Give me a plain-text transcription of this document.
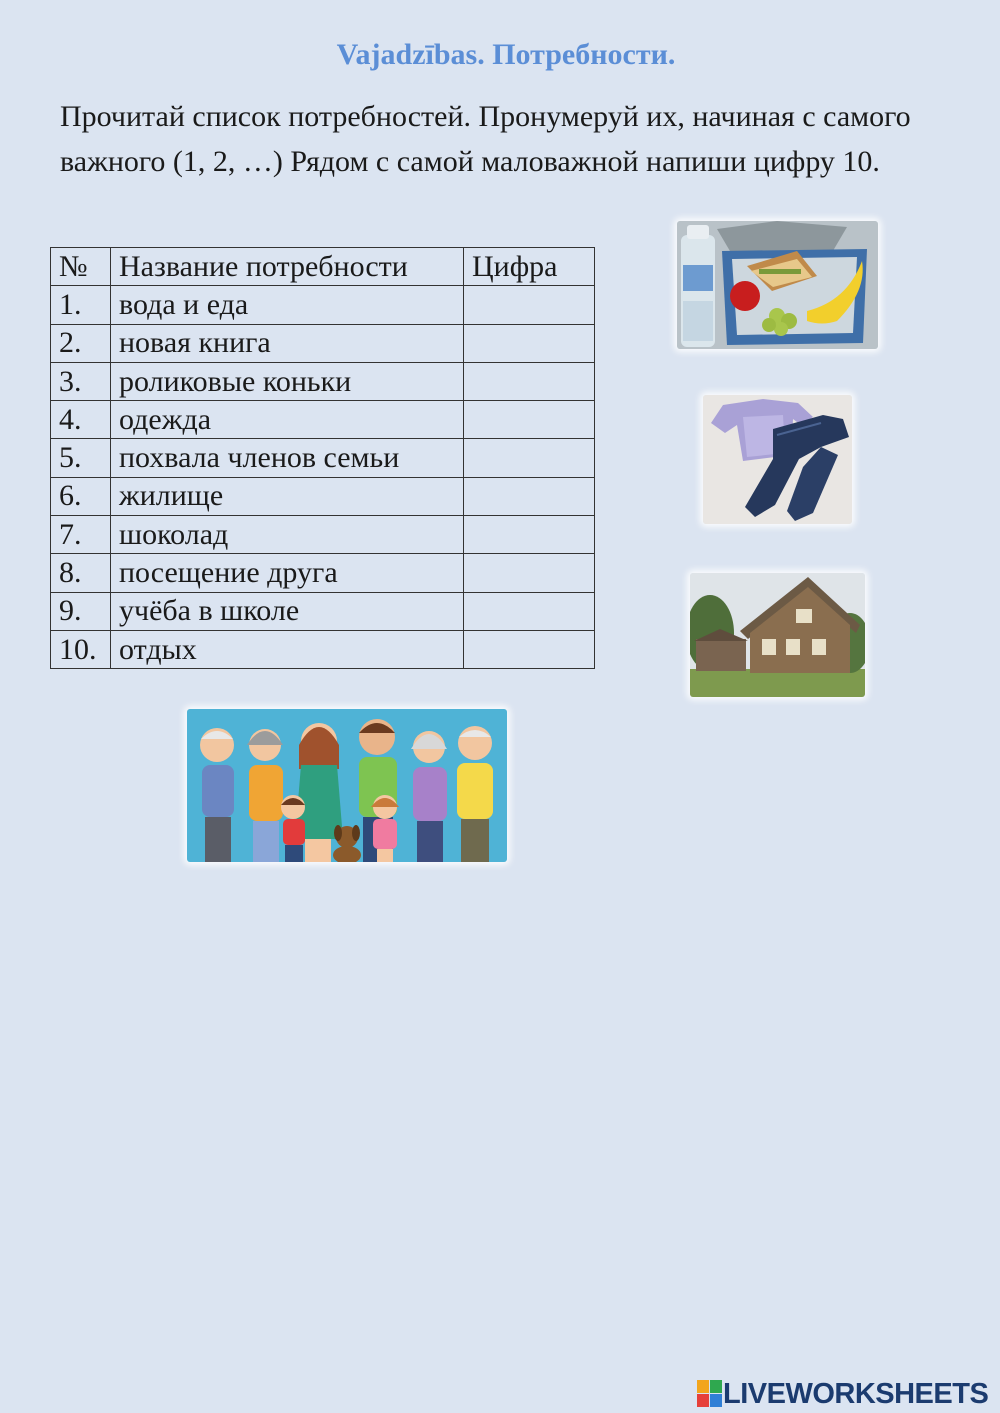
Vajadzības. Потребности.
Прочитай список потребностей. Пронумеруй их, начиная с самого важного (1, 2, …) Рядом с самой маловажной напиши цифру 10.
№	Название потребности	Цифра
1.	вода и еда	
2.	новая книга	
3.	роликовые коньки	
4.	одежда	
5.	похвала членов семьи	
6.	жилище	
7.	шоколад	
8.	посещение друга	
9.	учёба в школе	
10.	отдых	
LIVEWORKSHEETS
